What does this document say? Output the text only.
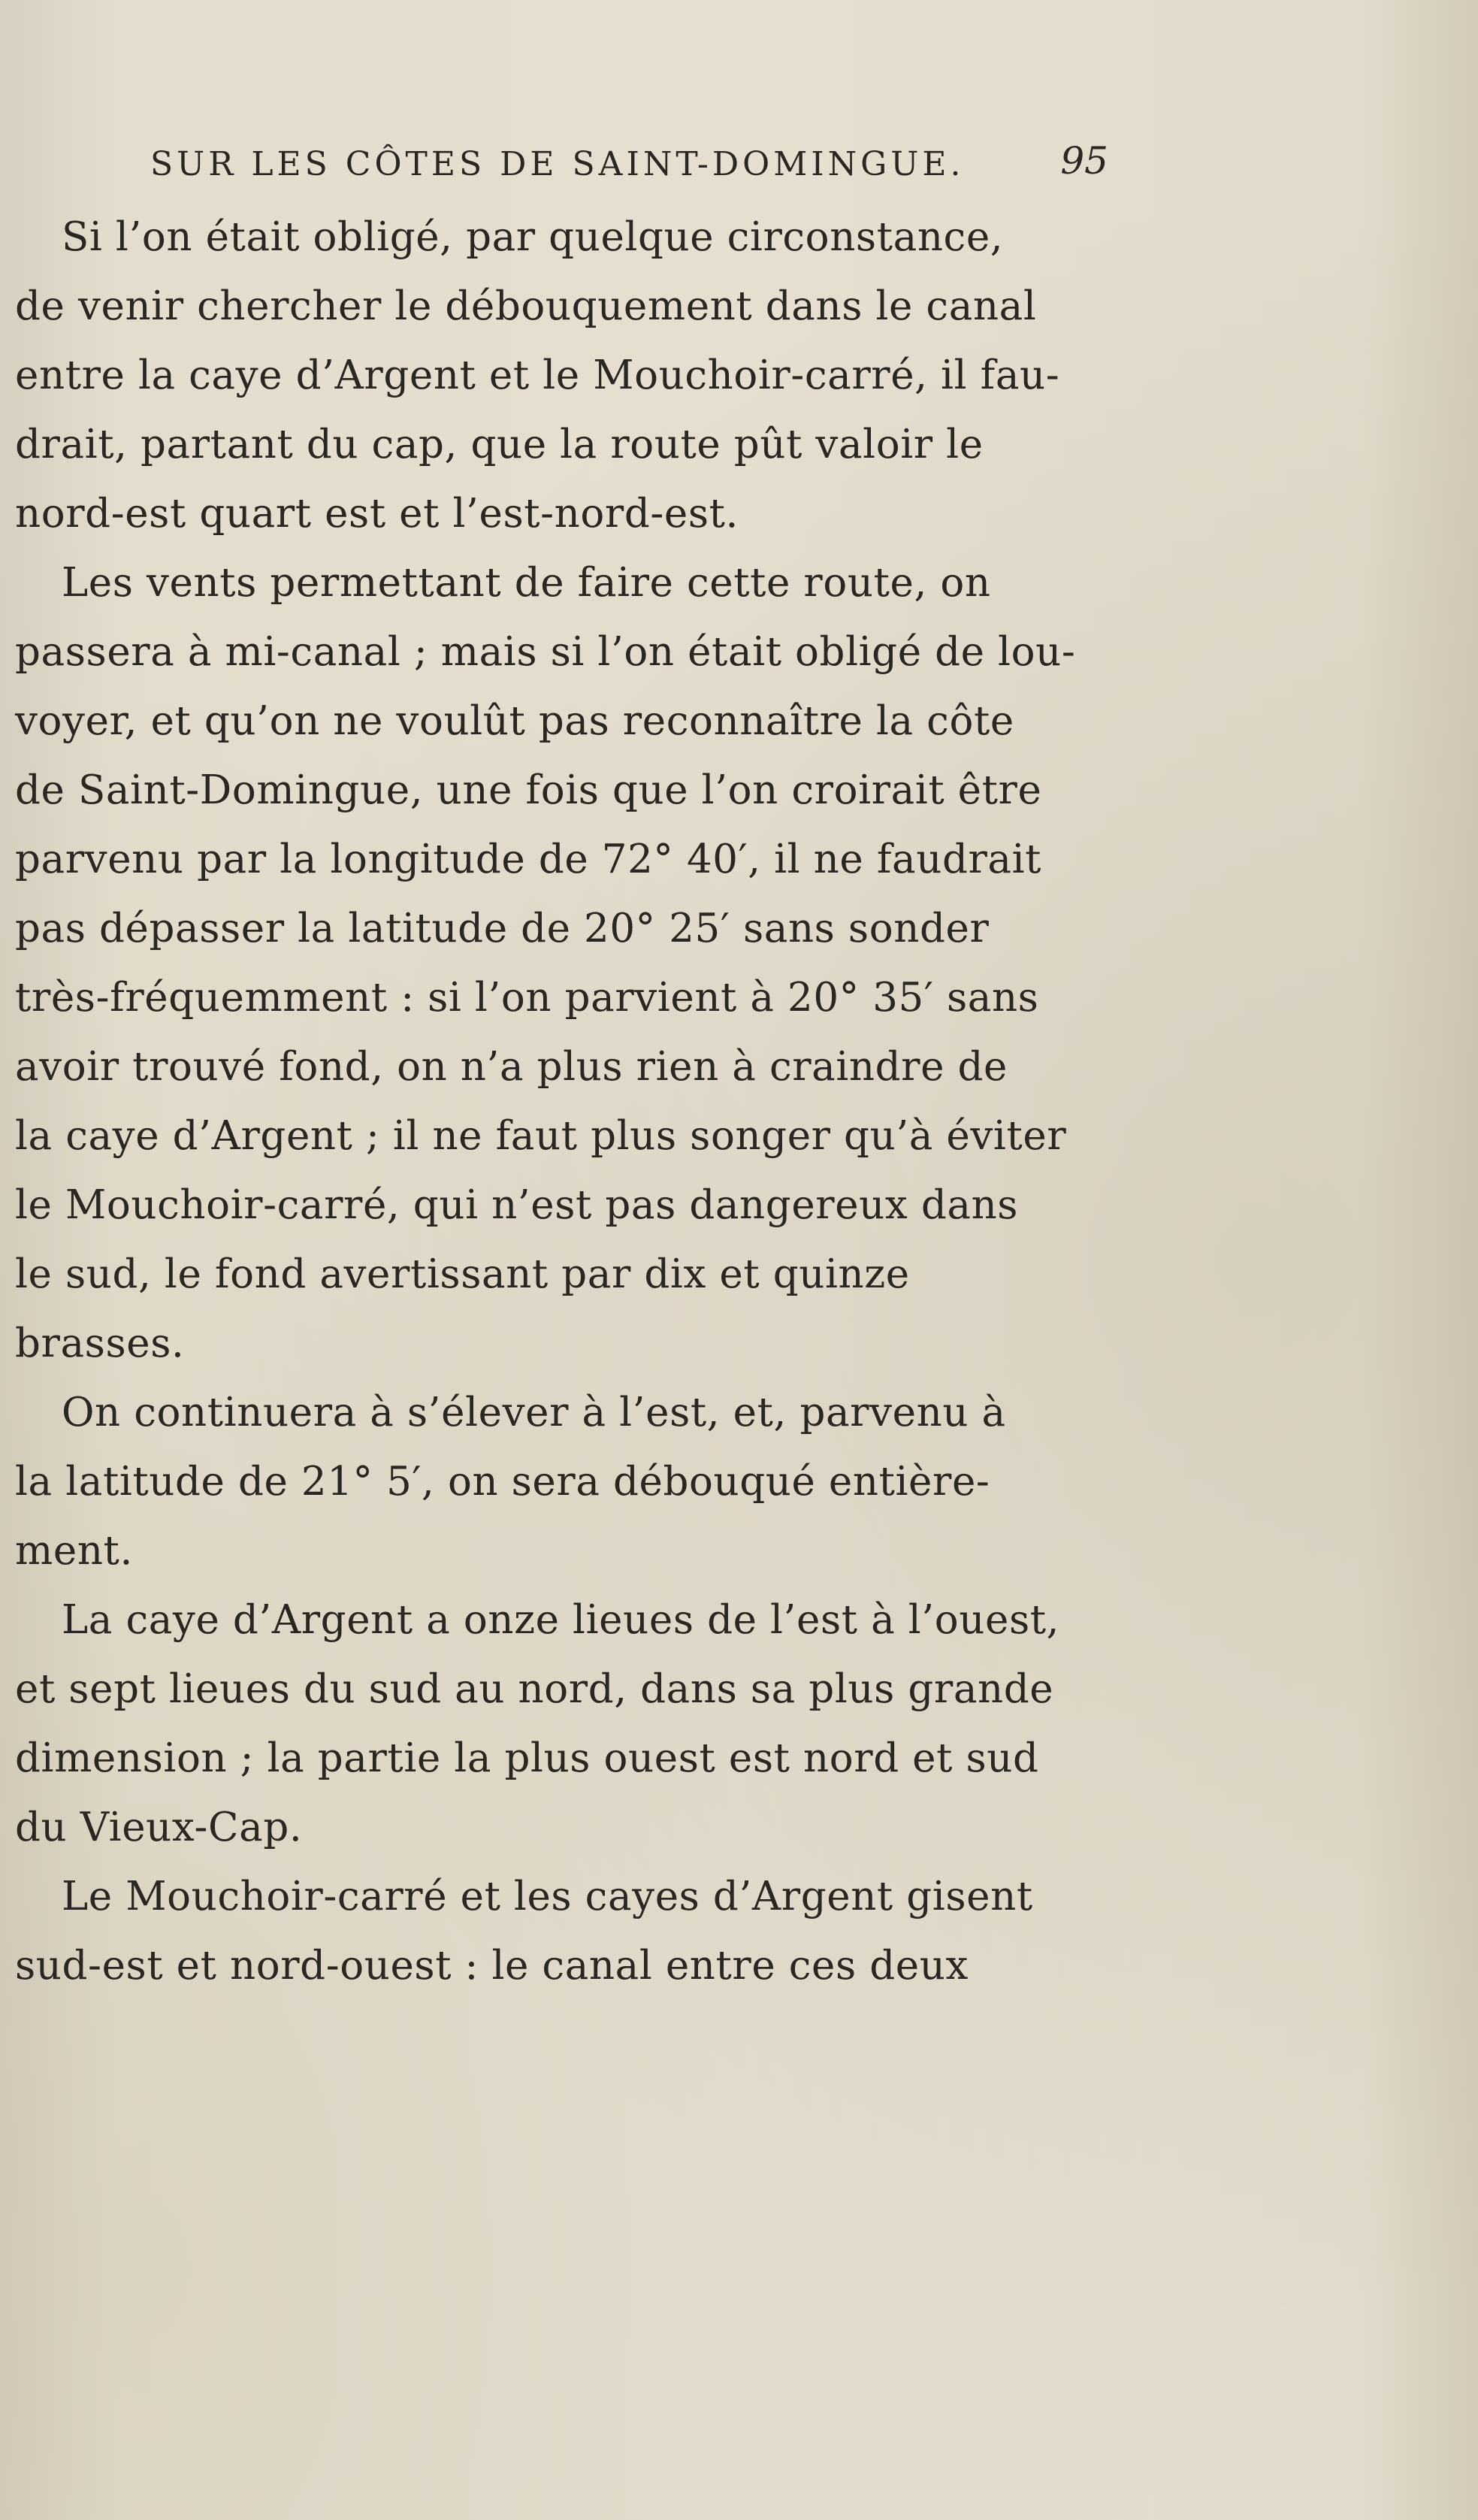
SUR LES CÔTES DE SAINT-DOMINGUE.	95
Si l’on était obligé, par quelque circonstance,
de venir chercher le débouquement dans le canal
entre la caye d’Argent et le Mouchoir-carré, il fau-
drait, partant du cap, que la route pût valoir le
nord-est quart est et l’est-nord-est.
Les vents permettant de faire cette route, on
passera à mi-canal ; mais si l’on était obligé de lou-
voyer, et qu’on ne voulût pas reconnaître la côte
de Saint-Domingue, une fois que l’on croirait être
parvenu par la longitude de 72° 40′, il ne faudrait
pas dépasser la latitude de 20° 25′ sans sonder
très-fréquemment : si l’on parvient à 20° 35′ sans
avoir trouvé fond, on n’a plus rien à craindre de
la caye d’Argent ; il ne faut plus songer qu’à éviter
le Mouchoir-carré, qui n’est pas dangereux dans
le sud, le fond avertissant par dix et quinze
brasses.
On continuera à s’élever à l’est, et, parvenu à
la latitude de 21° 5′, on sera débouqué entière-
ment.
La caye d’Argent a onze lieues de l’est à l’ouest,
et sept lieues du sud au nord, dans sa plus grande
dimension ; la partie la plus ouest est nord et sud
du Vieux-Cap.
Le Mouchoir-carré et les cayes d’Argent gisent
sud-est et nord-ouest : le canal entre ces deux
